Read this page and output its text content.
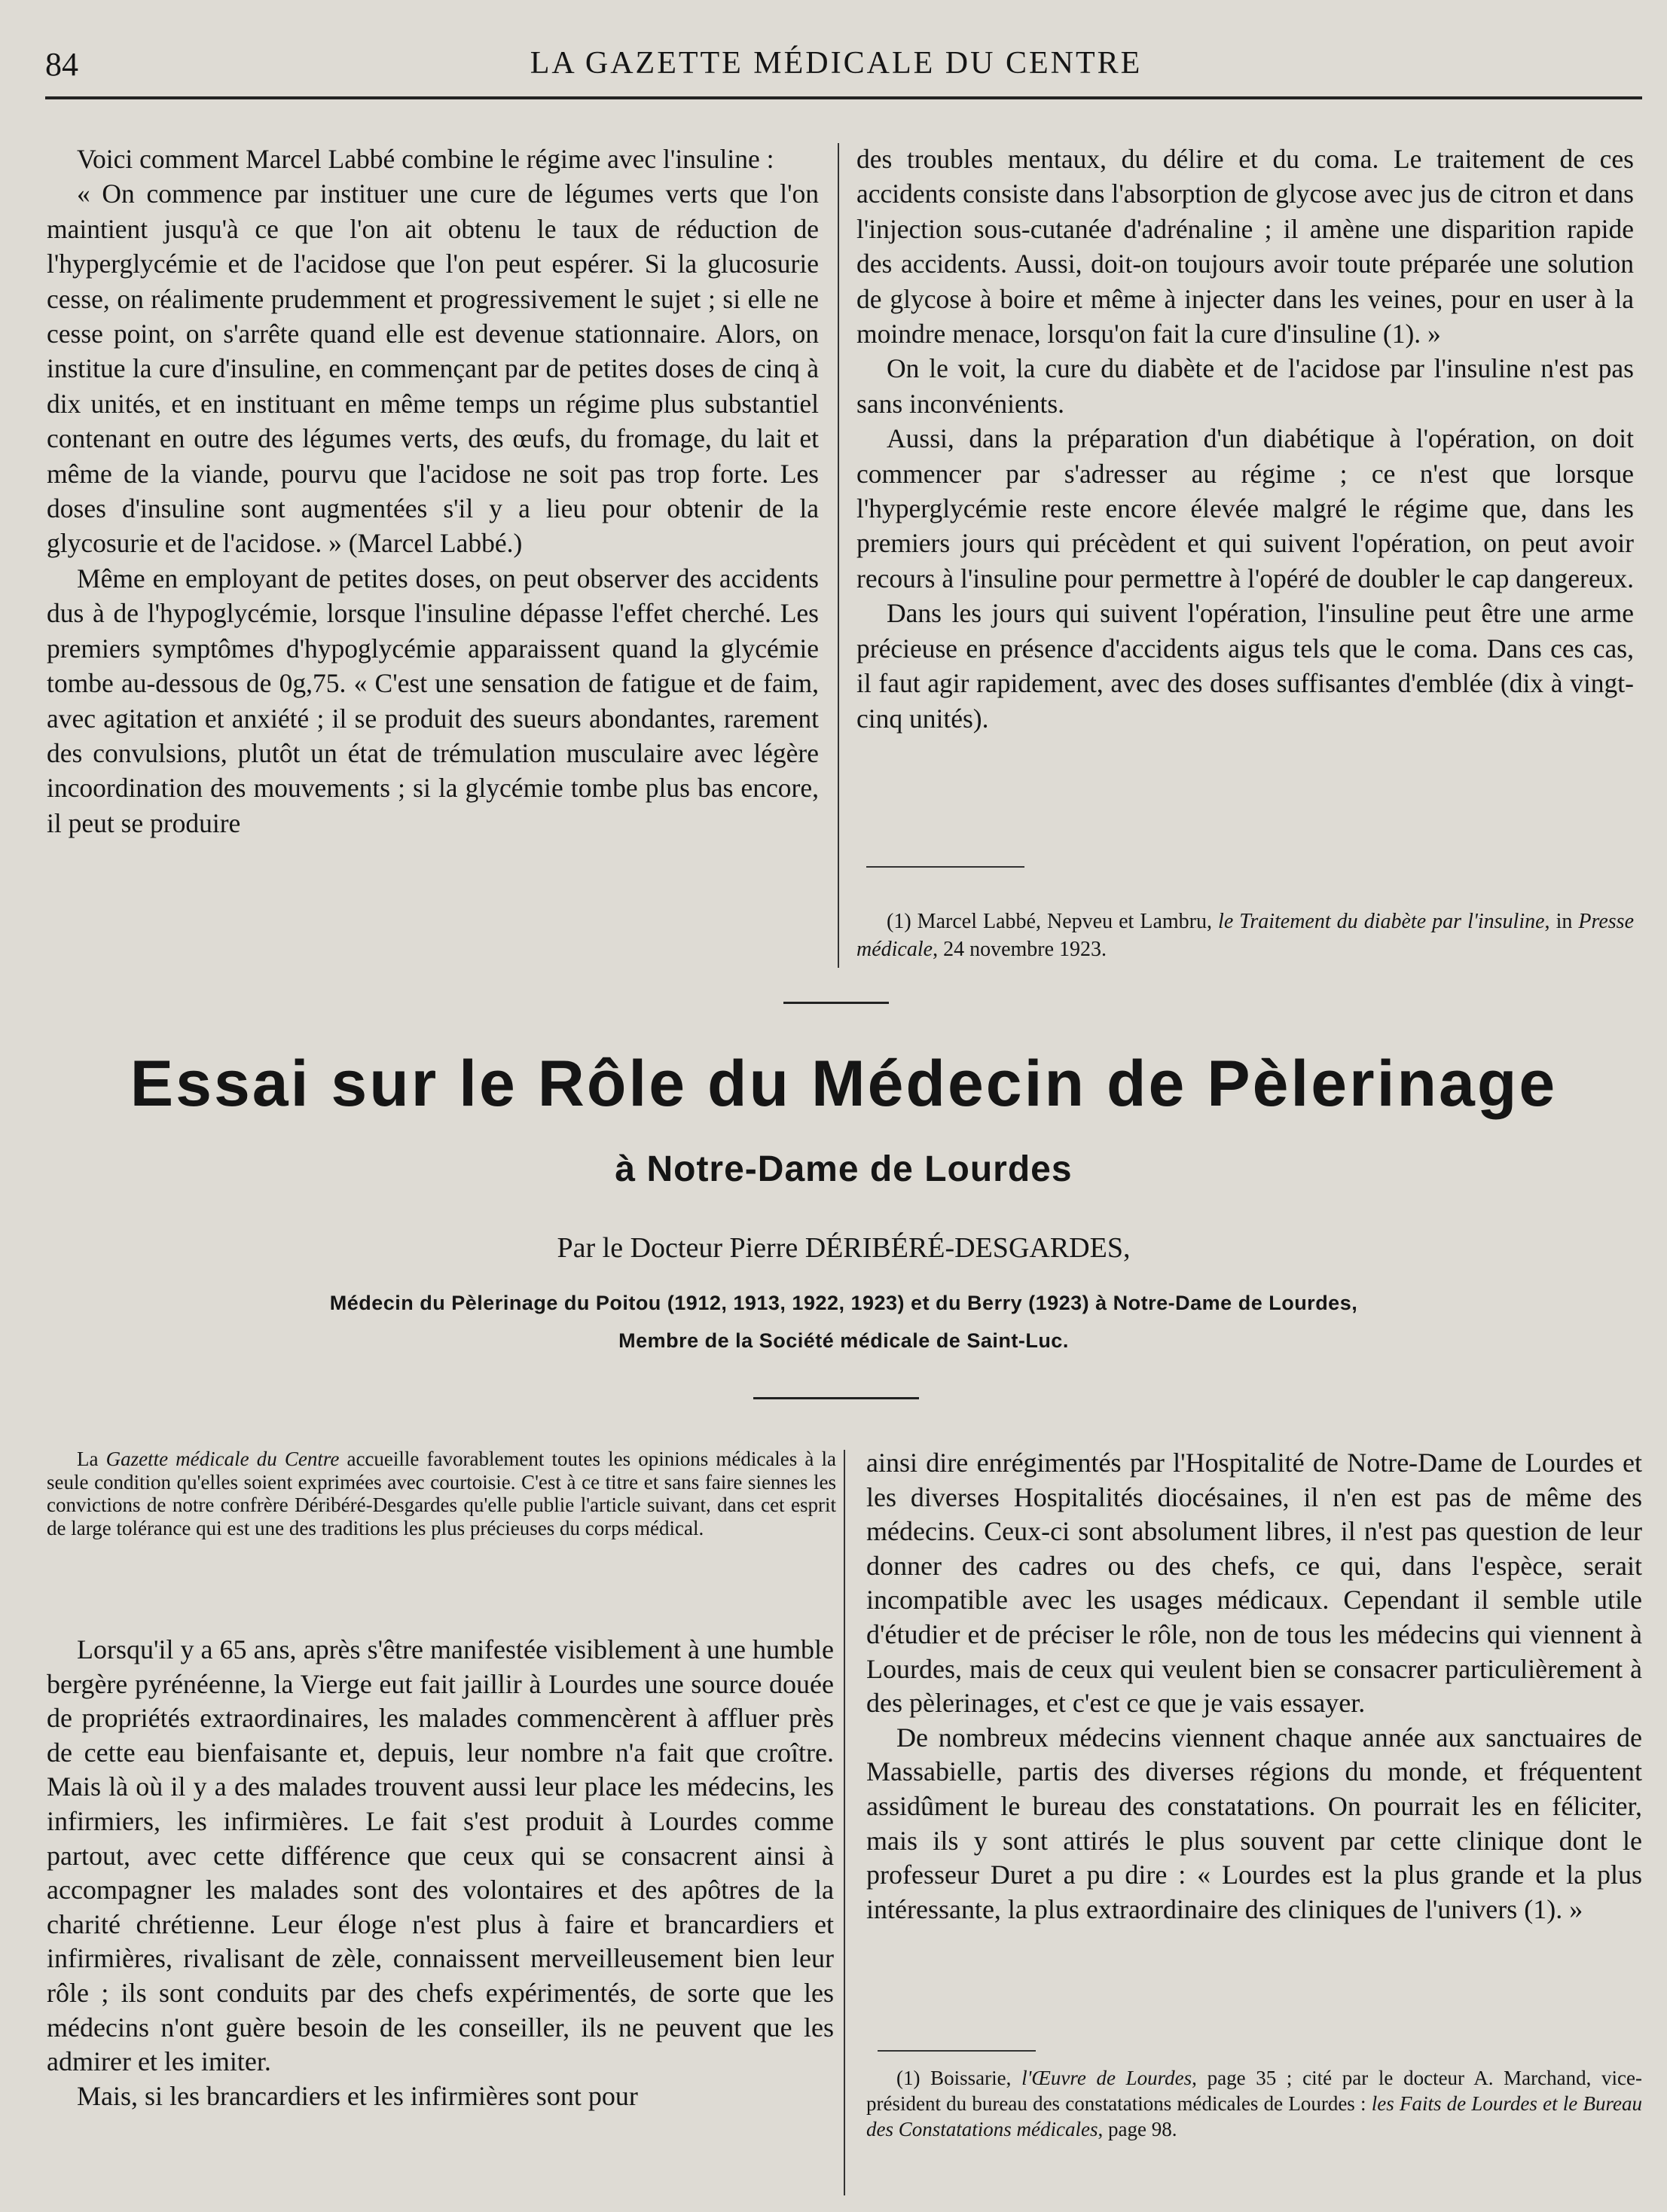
84	LA GAZETTE MÉDICALE DU CENTRE

Voici comment Marcel Labbé combine le régime avec l'insuline :

« On commence par instituer une cure de légumes verts que l'on maintient jusqu'à ce que l'on ait obtenu le taux de réduction de l'hyperglycémie et de l'acidose que l'on peut espérer. Si la glucosurie cesse, on réalimente prudemment et progressivement le sujet ; si elle ne cesse point, on s'arrête quand elle est devenue stationnaire. Alors, on institue la cure d'insuline, en commençant par de petites doses de cinq à dix unités, et en instituant en même temps un régime plus substantiel contenant en outre des légumes verts, des œufs, du fromage, du lait et même de la viande, pourvu que l'acidose ne soit pas trop forte. Les doses d'insuline sont augmentées s'il y a lieu pour obtenir de la glycosurie et de l'acidose. » (Marcel Labbé.)

Même en employant de petites doses, on peut observer des accidents dus à de l'hypoglycémie, lorsque l'insuline dépasse l'effet cherché. Les premiers symptômes d'hypoglycémie apparaissent quand la glycémie tombe au-dessous de 0g,75. « C'est une sensation de fatigue et de faim, avec agitation et anxiété ; il se produit des sueurs abondantes, rarement des convulsions, plutôt un état de trémulation musculaire avec légère incoordination des mouvements ; si la glycémie tombe plus bas encore, il peut se produire

des troubles mentaux, du délire et du coma. Le traitement de ces accidents consiste dans l'absorption de glycose avec jus de citron et dans l'injection sous-cutanée d'adrénaline ; il amène une disparition rapide des accidents. Aussi, doit-on toujours avoir toute préparée une solution de glycose à boire et même à injecter dans les veines, pour en user à la moindre menace, lorsqu'on fait la cure d'insuline (1). »

On le voit, la cure du diabète et de l'acidose par l'insuline n'est pas sans inconvénients.

Aussi, dans la préparation d'un diabétique à l'opération, on doit commencer par s'adresser au régime ; ce n'est que lorsque l'hyperglycémie reste encore élevée malgré le régime que, dans les premiers jours qui précèdent et qui suivent l'opération, on peut avoir recours à l'insuline pour permettre à l'opéré de doubler le cap dangereux.

Dans les jours qui suivent l'opération, l'insuline peut être une arme précieuse en présence d'accidents aigus tels que le coma. Dans ces cas, il faut agir rapidement, avec des doses suffisantes d'emblée (dix à vingt-cinq unités).

(1) Marcel Labbé, Nepveu et Lambru, le Traitement du diabète par l'insuline, in Presse médicale, 24 novembre 1923.
Essai sur le Rôle du Médecin de Pèlerinage
à Notre-Dame de Lourdes
Par le Docteur Pierre DÉRIBÉRÉ-DESGARDES,
Médecin du Pèlerinage du Poitou (1912, 1913, 1922, 1923) et du Berry (1923) à Notre-Dame de Lourdes,
Membre de la Société médicale de Saint-Luc.
La Gazette médicale du Centre accueille favorablement toutes les opinions médicales à la seule condition qu'elles soient exprimées avec courtoisie. C'est à ce titre et sans faire siennes les convictions de notre confrère Déribéré-Desgardes qu'elle publie l'article suivant, dans cet esprit de large tolérance qui est une des traditions les plus précieuses du corps médical.

Lorsqu'il y a 65 ans, après s'être manifestée visiblement à une humble bergère pyrénéenne, la Vierge eut fait jaillir à Lourdes une source douée de propriétés extraordinaires, les malades commencèrent à affluer près de cette eau bienfaisante et, depuis, leur nombre n'a fait que croître. Mais là où il y a des malades trouvent aussi leur place les médecins, les infirmiers, les infirmières. Le fait s'est produit à Lourdes comme partout, avec cette différence que ceux qui se consacrent ainsi à accompagner les malades sont des volontaires et des apôtres de la charité chrétienne. Leur éloge n'est plus à faire et brancardiers et infirmières, rivalisant de zèle, connaissent merveilleusement bien leur rôle ; ils sont conduits par des chefs expérimentés, de sorte que les médecins n'ont guère besoin de les conseiller, ils ne peuvent que les admirer et les imiter.

Mais, si les brancardiers et les infirmières sont pour

ainsi dire enrégimentés par l'Hospitalité de Notre-Dame de Lourdes et les diverses Hospitalités diocésaines, il n'en est pas de même des médecins. Ceux-ci sont absolument libres, il n'est pas question de leur donner des cadres ou des chefs, ce qui, dans l'espèce, serait incompatible avec les usages médicaux. Cependant il semble utile d'étudier et de préciser le rôle, non de tous les médecins qui viennent à Lourdes, mais de ceux qui veulent bien se consacrer particulièrement à des pèlerinages, et c'est ce que je vais essayer.

De nombreux médecins viennent chaque année aux sanctuaires de Massabielle, partis des diverses régions du monde, et fréquentent assidûment le bureau des constatations. On pourrait les en féliciter, mais ils y sont attirés le plus souvent par cette clinique dont le professeur Duret a pu dire : « Lourdes est la plus grande et la plus intéressante, la plus extraordinaire des cliniques de l'univers (1). »

(1) Boissarie, l'Œuvre de Lourdes, page 35 ; cité par le docteur A. Marchand, vice-président du bureau des constatations médicales de Lourdes : les Faits de Lourdes et le Bureau des Constatations médicales, page 98.
